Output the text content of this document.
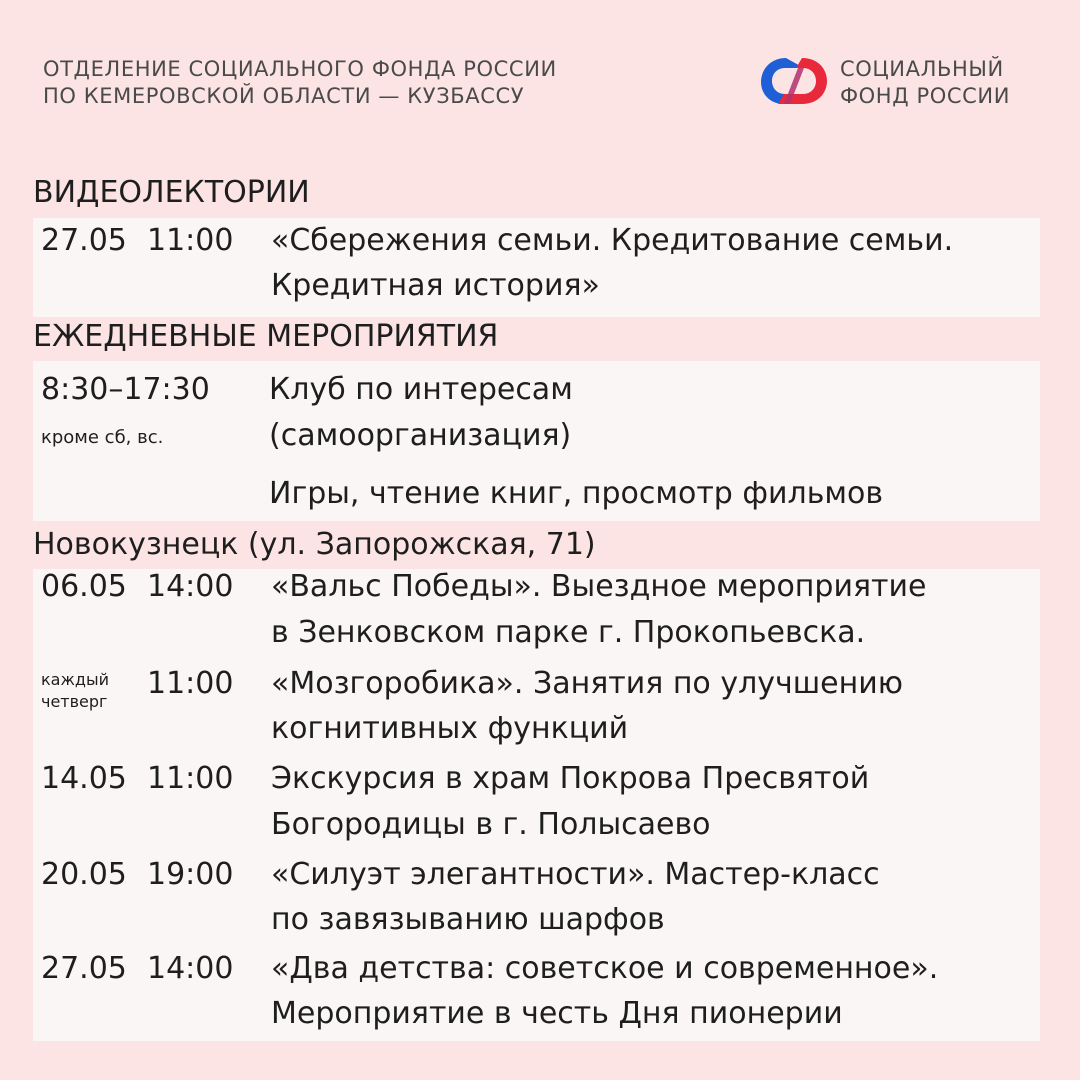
ОТДЕЛЕНИЕ СОЦИАЛЬНОГО ФОНДА РОССИИ
ПО КЕМЕРОВСКОЙ ОБЛАСТИ — КУЗБАССУ
СОЦИАЛЬНЫЙ
ФОНД РОССИИ
ВИДЕОЛЕКТОРИИ
27.05 11:00 «Сбережения семьи. Кредитование семьи.
Кредитная история»
ЕЖЕДНЕВНЫЕ МЕРОПРИЯТИЯ
8:30–17:30
кроме сб, вс.
Клуб по интересам
(самоорганизация)
Игры, чтение книг, просмотр фильмов
Новокузнецк (ул. Запорожская, 71)
06.05 14:00 «Вальс Победы». Выездное мероприятие
в Зенковском парке г. Прокопьевска.
каждый
четверг
11:00 «Мозгоробика». Занятия по улучшению
когнитивных функций
14.05 11:00 Экскурсия в храм Покрова Пресвятой
Богородицы в г. Полысаево
20.05 19:00 «Силуэт элегантности». Мастер-класс
по завязыванию шарфов
27.05 14:00 «Два детства: советское и современное».
Мероприятие в честь Дня пионерии
